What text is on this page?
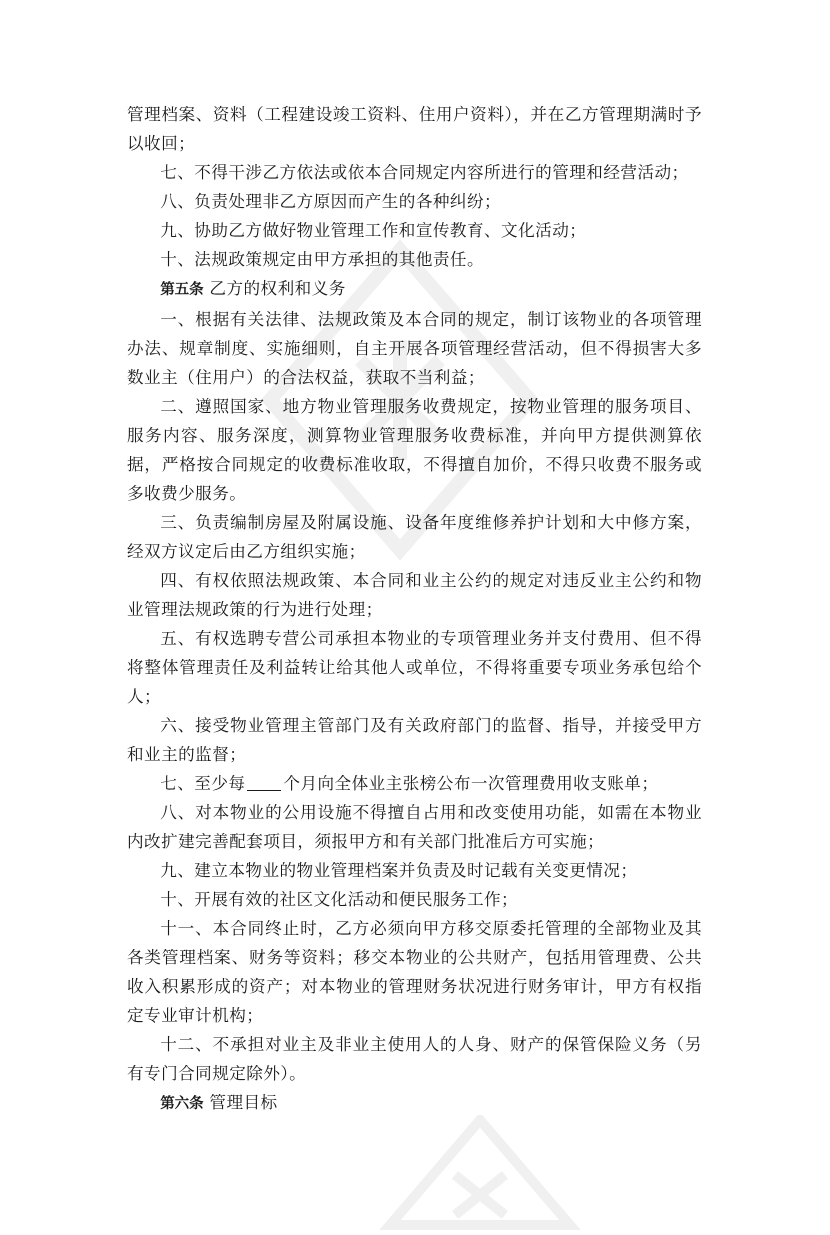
管理档案、资料（工程建设竣工资料、住用户资料），并在乙方管理期满时予以收回；

七、不得干涉乙方依法或依本合同规定内容所进行的管理和经营活动；

八、负责处理非乙方原因而产生的各种纠纷；

九、协助乙方做好物业管理工作和宣传教育、文化活动；

十、法规政策规定由甲方承担的其他责任。

第五条 乙方的权利和义务

一、根据有关法律、法规政策及本合同的规定，制订该物业的各项管理办法、规章制度、实施细则，自主开展各项管理经营活动，但不得损害大多数业主（住用户）的合法权益，获取不当利益；

二、遵照国家、地方物业管理服务收费规定，按物业管理的服务项目、服务内容、服务深度，测算物业管理服务收费标准，并向甲方提供测算依据，严格按合同规定的收费标准收取，不得擅自加价，不得只收费不服务或多收费少服务。

三、负责编制房屋及附属设施、设备年度维修养护计划和大中修方案，经双方议定后由乙方组织实施；

四、有权依照法规政策、本合同和业主公约的规定对违反业主公约和物业管理法规政策的行为进行处理；

五、有权选聘专营公司承担本物业的专项管理业务并支付费用、但不得将整体管理责任及利益转让给其他人或单位，不得将重要专项业务承包给个人；

六、接受物业管理主管部门及有关政府部门的监督、指导，并接受甲方和业主的监督；

七、至少每 个月向全体业主张榜公布一次管理费用收支账单；

八、对本物业的公用设施不得擅自占用和改变使用功能，如需在本物业内改扩建完善配套项目，须报甲方和有关部门批准后方可实施；

九、建立本物业的物业管理档案并负责及时记载有关变更情况；

十、开展有效的社区文化活动和便民服务工作；

十一、本合同终止时，乙方必须向甲方移交原委托管理的全部物业及其各类管理档案、财务等资料；移交本物业的公共财产，包括用管理费、公共收入积累形成的资产；对本物业的管理财务状况进行财务审计，甲方有权指定专业审计机构；

十二、不承担对业主及非业主使用人的人身、财产的保管保险义务（另有专门合同规定除外）。

第六条 管理目标
